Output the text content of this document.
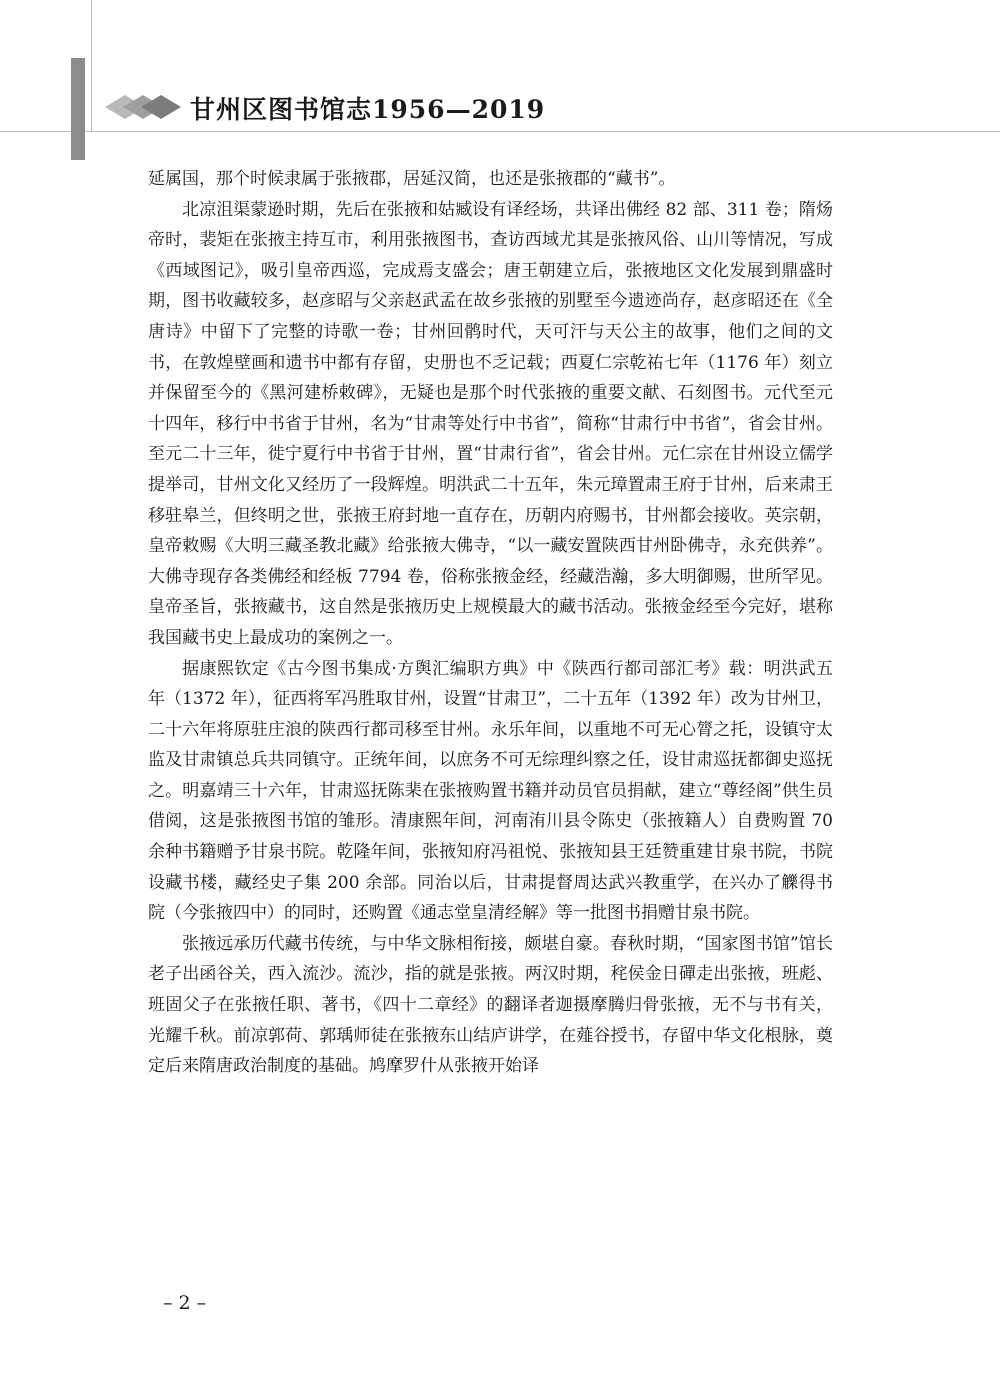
甘州区图书馆志1956—2019

延属国，那个时候隶属于张掖郡，居延汉简，也还是张掖郡的“藏书”。

北凉沮渠蒙逊时期，先后在张掖和姑臧设有译经场，共译出佛经 82 部、311 卷；隋炀帝时，裴矩在张掖主持互市，利用张掖图书，查访西域尤其是张掖风俗、山川等情况，写成《西域图记》，吸引皇帝西巡，完成焉支盛会；唐王朝建立后，张掖地区文化发展到鼎盛时期，图书收藏较多，赵彦昭与父亲赵武孟在故乡张掖的别墅至今遗迹尚存，赵彦昭还在《全唐诗》中留下了完整的诗歌一卷；甘州回鹘时代，天可汗与天公主的故事，他们之间的文书，在敦煌壁画和遗书中都有存留，史册也不乏记载；西夏仁宗乾祐七年（1176 年）刻立并保留至今的《黑河建桥敕碑》，无疑也是那个时代张掖的重要文献、石刻图书。元代至元十四年，移行中书省于甘州，名为“甘肃等处行中书省”，简称“甘肃行中书省”，省会甘州。至元二十三年，徙宁夏行中书省于甘州，置“甘肃行省”，省会甘州。元仁宗在甘州设立儒学提举司，甘州文化又经历了一段辉煌。明洪武二十五年，朱元璋置肃王府于甘州，后来肃王移驻皋兰，但终明之世，张掖王府封地一直存在，历朝内府赐书，甘州都会接收。英宗朝，皇帝敕赐《大明三藏圣教北藏》给张掖大佛寺，“以一藏安置陕西甘州卧佛寺，永充供养”。大佛寺现存各类佛经和经板 7794 卷，俗称张掖金经，经藏浩瀚，多大明御赐，世所罕见。皇帝圣旨，张掖藏书，这自然是张掖历史上规模最大的藏书活动。张掖金经至今完好，堪称我国藏书史上最成功的案例之一。

据康熙钦定《古今图书集成·方舆汇编职方典》中《陕西行都司部汇考》载：明洪武五年（1372 年），征西将军冯胜取甘州，设置“甘肃卫”，二十五年（1392 年）改为甘州卫，二十六年将原驻庄浪的陕西行都司移至甘州。永乐年间，以重地不可无心膂之托，设镇守太监及甘肃镇总兵共同镇守。正统年间，以庶务不可无综理纠察之任，设甘肃巡抚都御史巡抚之。明嘉靖三十六年，甘肃巡抚陈棐在张掖购置书籍并动员官员捐献，建立“尊经阁”供生员借阅，这是张掖图书馆的雏形。清康熙年间，河南洧川县令陈史（张掖籍人）自费购置 70 余种书籍赠予甘泉书院。乾隆年间，张掖知府冯祖悦、张掖知县王廷赞重建甘泉书院，书院设藏书楼，藏经史子集 200 余部。同治以后，甘肃提督周达武兴教重学，在兴办了觻得书院（今张掖四中）的同时，还购置《通志堂皇清经解》等一批图书捐赠甘泉书院。

张掖远承历代藏书传统，与中华文脉相衔接，颇堪自豪。春秋时期，“国家图书馆”馆长老子出函谷关，西入流沙。流沙，指的就是张掖。两汉时期，秺侯金日磾走出张掖，班彪、班固父子在张掖任职、著书，《四十二章经》的翻译者迦摄摩腾归骨张掖，无不与书有关，光耀千秋。前凉郭荷、郭瑀师徒在张掖东山结庐讲学，在薤谷授书，存留中华文化根脉，奠定后来隋唐政治制度的基础。鸠摩罗什从张掖开始译

– 2 –
